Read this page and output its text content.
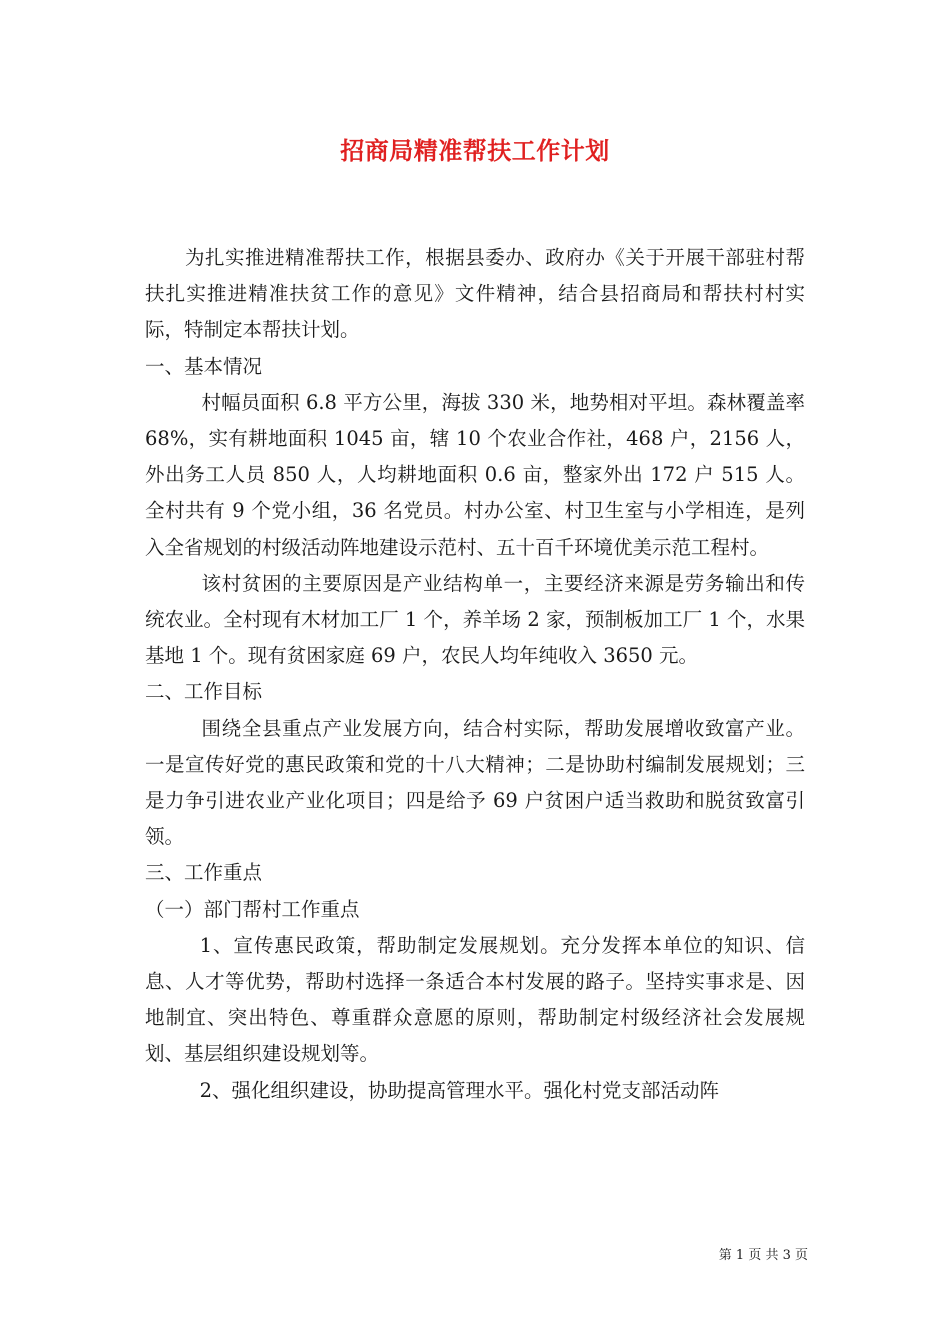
招商局精准帮扶工作计划

为扎实推进精准帮扶工作，根据县委办、政府办《关于开展干部驻村帮扶扎实推进精准扶贫工作的意见》文件精神，结合县招商局和帮扶村村实际，特制定本帮扶计划。

一、基本情况

村幅员面积 6.8 平方公里，海拔 330 米，地势相对平坦。森林覆盖率 68%，实有耕地面积 1045 亩，辖 10 个农业合作社，468 户，2156 人，外出务工人员 850 人，人均耕地面积 0.6 亩，整家外出 172 户 515 人。全村共有 9 个党小组，36 名党员。村办公室、村卫生室与小学相连，是列入全省规划的村级活动阵地建设示范村、五十百千环境优美示范工程村。

该村贫困的主要原因是产业结构单一，主要经济来源是劳务输出和传统农业。全村现有木材加工厂 1 个，养羊场 2 家，预制板加工厂 1 个，水果基地 1 个。现有贫困家庭 69 户，农民人均年纯收入 3650 元。

二、工作目标

围绕全县重点产业发展方向，结合村实际，帮助发展增收致富产业。一是宣传好党的惠民政策和党的十八大精神；二是协助村编制发展规划；三是力争引进农业产业化项目；四是给予 69 户贫困户适当救助和脱贫致富引领。

三、工作重点

（一）部门帮村工作重点

1、宣传惠民政策，帮助制定发展规划。充分发挥本单位的知识、信息、人才等优势，帮助村选择一条适合本村发展的路子。坚持实事求是、因地制宜、突出特色、尊重群众意愿的原则，帮助制定村级经济社会发展规划、基层组织建设规划等。

2、强化组织建设，协助提高管理水平。强化村党支部活动阵

第 1 页 共 3 页
